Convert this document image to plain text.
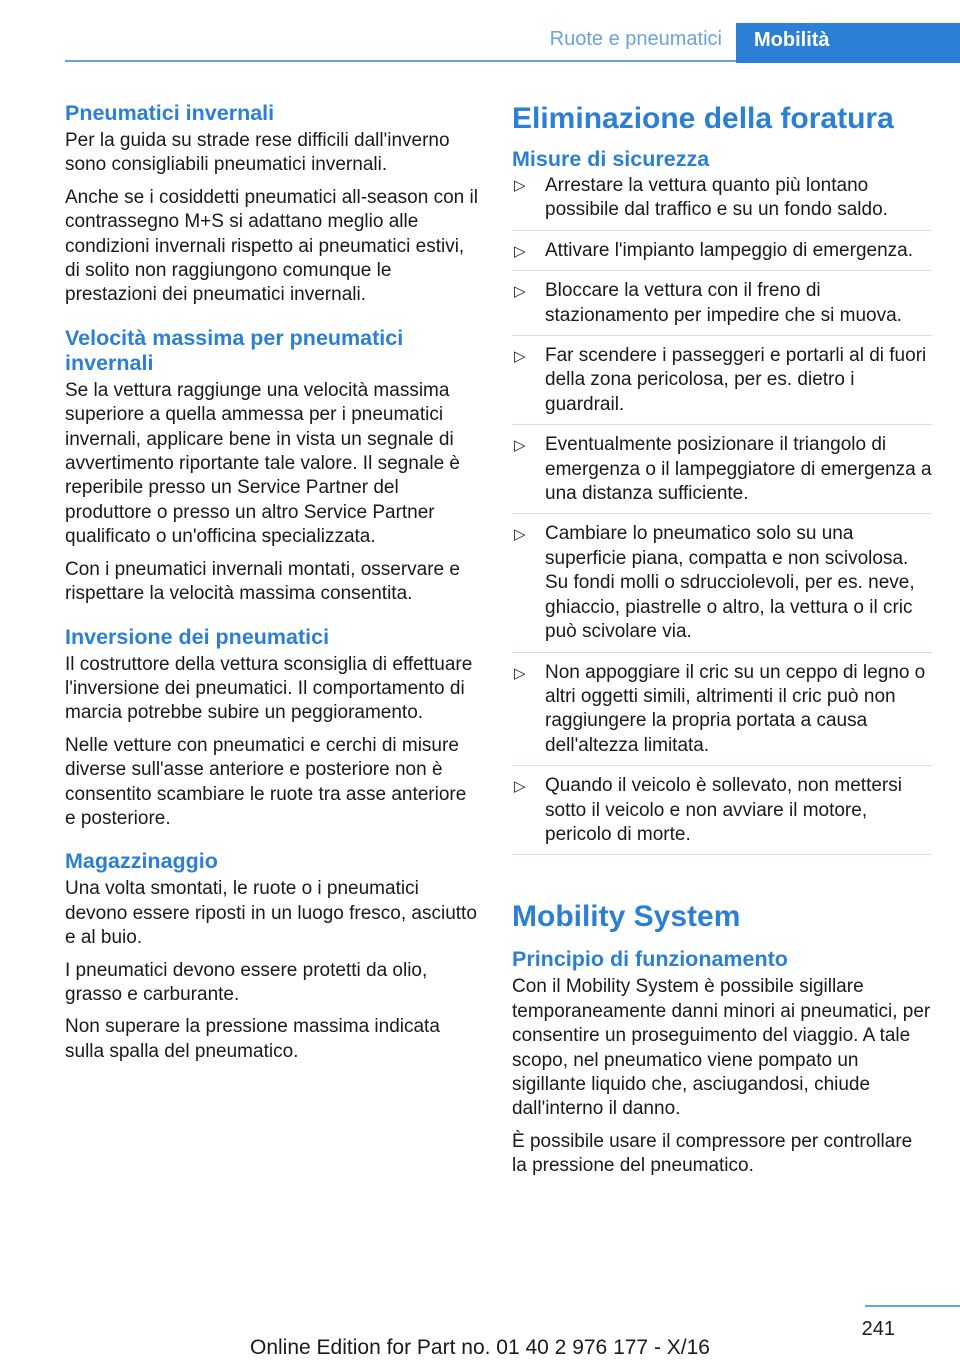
Ruote e pneumatici	Mobilità
Pneumatici invernali

Per la guida su strade rese difficili dall'inverno sono consigliabili pneumatici invernali.

Anche se i cosiddetti pneumatici all-season con il contrassegno M+S si adattano meglio alle condizioni invernali rispetto ai pneumatici estivi, di solito non raggiungono comunque le prestazioni dei pneumatici invernali.

Velocità massima per pneumatici invernali

Se la vettura raggiunge una velocità massima superiore a quella ammessa per i pneumatici invernali, applicare bene in vista un segnale di avvertimento riportante tale valore. Il segnale è reperibile presso un Service Partner del produttore o presso un altro Service Partner qualificato o un'officina specializzata.

Con i pneumatici invernali montati, osservare e rispettare la velocità massima consentita.

Inversione dei pneumatici

Il costruttore della vettura sconsiglia di effettuare l'inversione dei pneumatici. Il comportamento di marcia potrebbe subire un peggioramento.

Nelle vetture con pneumatici e cerchi di misure diverse sull'asse anteriore e posteriore non è consentito scambiare le ruote tra asse anteriore e posteriore.

Magazzinaggio

Una volta smontati, le ruote o i pneumatici devono essere riposti in un luogo fresco, asciutto e al buio.

I pneumatici devono essere protetti da olio, grasso e carburante.

Non superare la pressione massima indicata sulla spalla del pneumatico.

Eliminazione della foratura
Misure di sicurezza
▷ Arrestare la vettura quanto più lontano possibile dal traffico e su un fondo saldo.
▷ Attivare l'impianto lampeggio di emergenza.
▷ Bloccare la vettura con il freno di stazionamento per impedire che si muova.
▷ Far scendere i passeggeri e portarli al di fuori della zona pericolosa, per es. dietro i guardrail.
▷ Eventualmente posizionare il triangolo di emergenza o il lampeggiatore di emergenza a una distanza sufficiente.
▷ Cambiare lo pneumatico solo su una superficie piana, compatta e non scivolosa. Su fondi molli o sdrucciolevoli, per es. neve, ghiaccio, piastrelle o altro, la vettura o il cric può scivolare via.
▷ Non appoggiare il cric su un ceppo di legno o altri oggetti simili, altrimenti il cric può non raggiungere la propria portata a causa dell'altezza limitata.
▷ Quando il veicolo è sollevato, non mettersi sotto il veicolo e non avviare il motore, pericolo di morte.
Mobility System
Principio di funzionamento

Con il Mobility System è possibile sigillare temporaneamente danni minori ai pneumatici, per consentire un proseguimento del viaggio. A tale scopo, nel pneumatico viene pompato un sigillante liquido che, asciugandosi, chiude dall'interno il danno.

È possibile usare il compressore per controllare la pressione del pneumatico.

241
Online Edition for Part no. 01 40 2 976 177 - X/16
